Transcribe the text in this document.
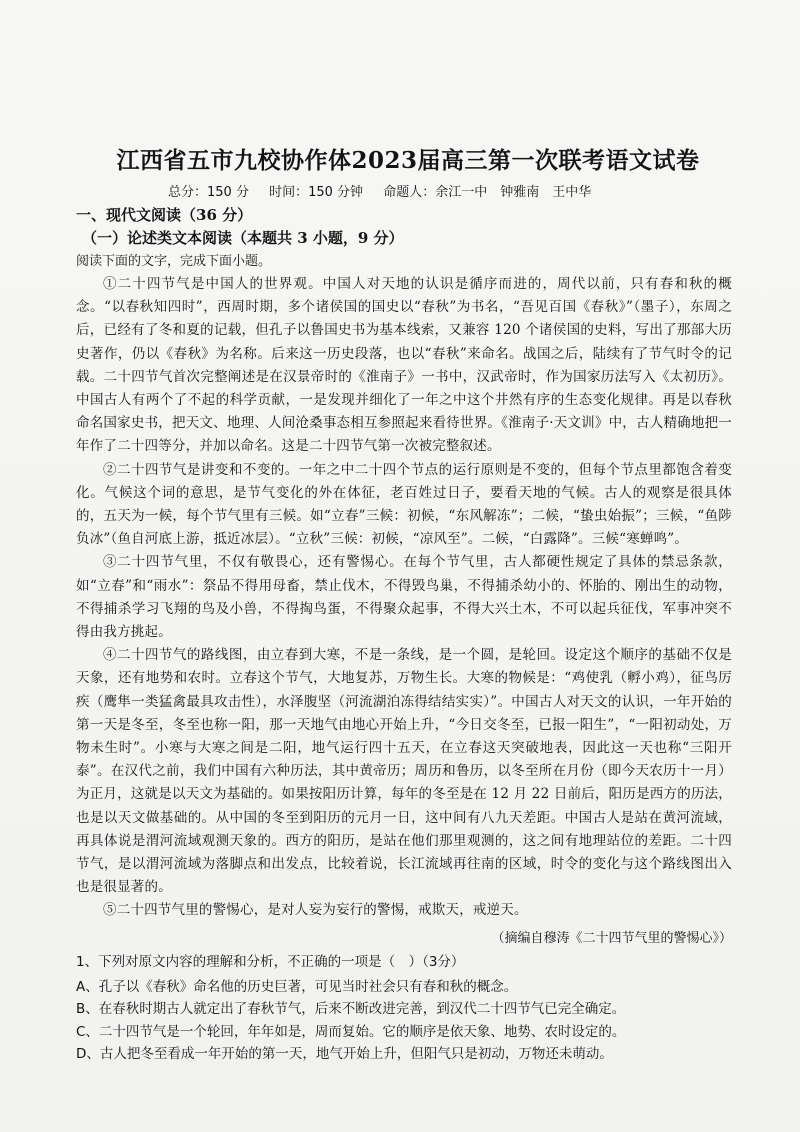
江西省五市九校协作体2023届高三第一次联考语文试卷
总分：150 分 时间：150 分钟 命题人：余江一中　钟雅南　王中华
一、现代文阅读（36 分）
（一）论述类文本阅读（本题共 3 小题，9 分）
阅读下面的文字，完成下面小题。

①二十四节气是中国人的世界观。中国人对天地的认识是循序而进的，周代以前，只有春和秋的概念。“以春秋知四时”，西周时期，多个诸侯国的国史以“春秋”为书名，“吾见百国《春秋》”（墨子），东周之后，已经有了冬和夏的记载，但孔子以鲁国史书为基本线索，又兼容 120 个诸侯国的史料，写出了那部大历史著作，仍以《春秋》为名称。后来这一历史段落，也以“春秋”来命名。战国之后，陆续有了节气时令的记载。二十四节气首次完整阐述是在汉景帝时的《淮南子》一书中，汉武帝时，作为国家历法写入《太初历》。中国古人有两个了不起的科学贡献，一是发现并细化了一年之中这个井然有序的生态变化规律。再是以春秋命名国家史书，把天文、地理、人间沧桑事态相互参照起来看待世界。《淮南子·天文训》中，古人精确地把一年作了二十四等分，并加以命名。这是二十四节气第一次被完整叙述。

②二十四节气是讲变和不变的。一年之中二十四个节点的运行原则是不变的，但每个节点里都饱含着变化。气候这个词的意思，是节气变化的外在体征，老百姓过日子，要看天地的气候。古人的观察是很具体的，五天为一候，每个节气里有三候。如“立春”三候：初候，“东风解冻”；二候，“蛰虫始振”；三候，“鱼陟负冰”（鱼自河底上游，抵近冰层）。“立秋”三候：初候，“凉风至”。二候，“白露降”。三候“寒蝉鸣”。

③二十四节气里，不仅有敬畏心，还有警惕心。在每个节气里，古人都硬性规定了具体的禁忌条款，如“立春”和“雨水”：祭品不得用母畜，禁止伐木，不得毁鸟巢，不得捕杀幼小的、怀胎的、刚出生的动物，不得捕杀学习飞翔的鸟及小兽，不得掏鸟蛋，不得聚众起事，不得大兴土木，不可以起兵征伐，军事冲突不得由我方挑起。

④二十四节气的路线图，由立春到大寒，不是一条线，是一个圆，是轮回。设定这个顺序的基础不仅是天象，还有地势和农时。立春这个节气，大地复苏，万物生长。大寒的物候是：“鸡使乳（孵小鸡），征鸟厉疾（鹰隼一类猛禽最具攻击性），水泽腹坚（河流湖泊冻得结结实实）”。中国古人对天文的认识，一年开始的第一天是冬至，冬至也称一阳，那一天地气由地心开始上升，“今日交冬至，已报一阳生”，“一阳初动处，万物未生时”。小寒与大寒之间是二阳，地气运行四十五天，在立春这天突破地表，因此这一天也称“三阳开泰”。在汉代之前，我们中国有六种历法，其中黄帝历；周历和鲁历，以冬至所在月份（即今天农历十一月）为正月，这就是以天文为基础的。如果按阳历计算，每年的冬至是在 12 月 22 日前后，阳历是西方的历法，也是以天文做基础的。从中国的冬至到阳历的元月一日，这中间有八九天差距。中国古人是站在黄河流域，再具体说是渭河流域观测天象的。西方的阳历，是站在他们那里观测的，这之间有地理站位的差距。二十四节气，是以渭河流域为落脚点和出发点，比较着说，长江流域再往南的区域，时令的变化与这个路线图出入也是很显著的。

⑤二十四节气里的警惕心，是对人妄为妄行的警惕，戒欺天，戒逆天。

（摘编自穆涛《二十四节气里的警惕心》）
1、下列对原文内容的理解和分析，不正确的一项是（　）（3分）
A、孔子以《春秋》命名他的历史巨著，可见当时社会只有春和秋的概念。
B、在春秋时期古人就定出了春秋节气，后来不断改进完善，到汉代二十四节气已完全确定。
C、二十四节气是一个轮回，年年如是，周而复始。它的顺序是依天象、地势、农时设定的。
D、古人把冬至看成一年开始的第一天，地气开始上升，但阳气只是初动，万物还未萌动。
